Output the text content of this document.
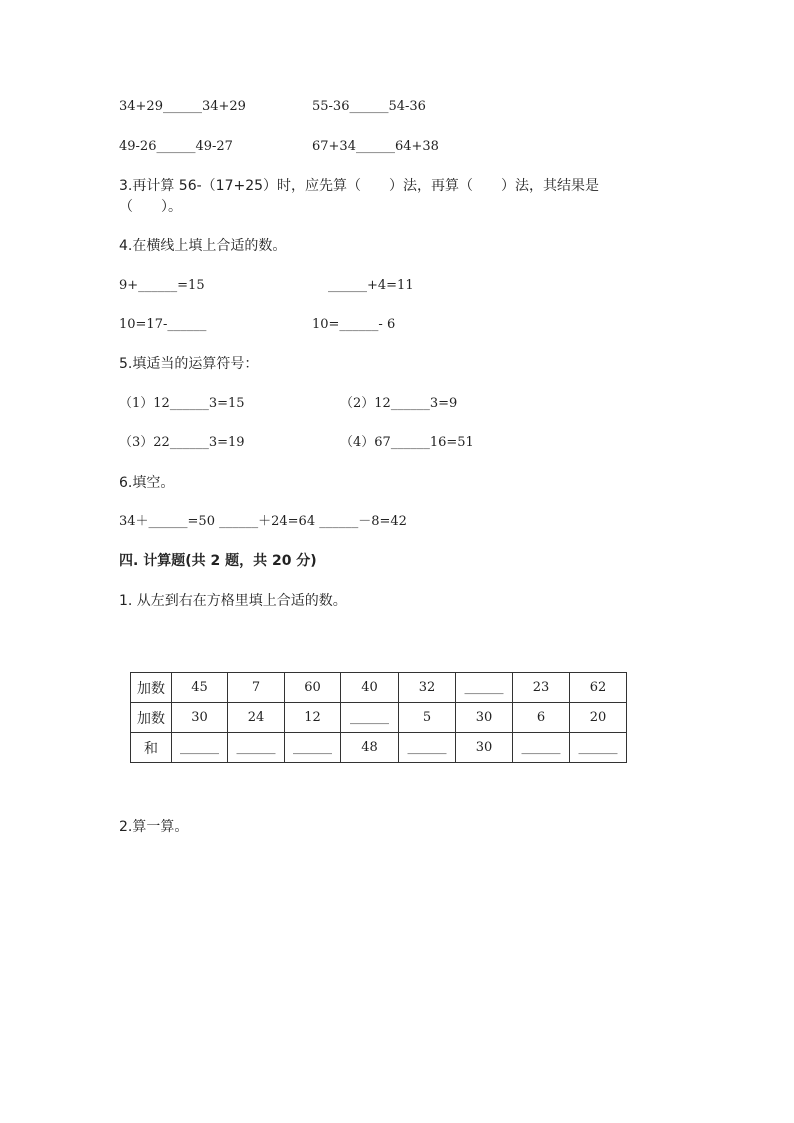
34+29______34+29	55-36______54-36
49-26______49-27	67+34______64+38
3.再计算 56-（17+25）时，应先算（　　）法，再算（　　）法，其结果是
（　　）。
4.在横线上填上合适的数。
9+______=15	______+4=11
10=17-______	10=______- 6
5.填适当的运算符号：
（1）12______3=15	（2）12______3=9
（3）22______3=19	（4）67______16=51
6.填空。
34＋______=50 ______＋24=64 ______－8=42
四. 计算题(共 2 题，共 20 分)
1. 从左到右在方格里填上合适的数。
加数	45	7	60	40	32	______	23	62
加数	30	24	12	______	5	30	6	20
和	______	______	______	48	______	30	______	______
2.算一算。
